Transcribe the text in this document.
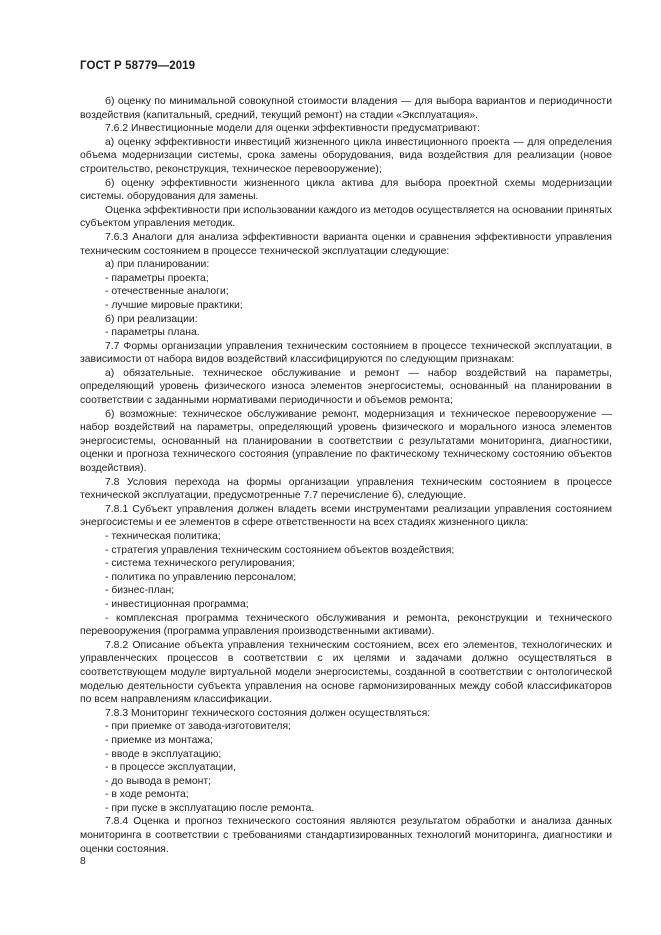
ГОСТ Р 58779—2019

б) оценку по минимальной совокупной стоимости владения — для выбора вариантов и периодичности воздействия (капитальный, средний, текущий ремонт) на стадии «Эксплуатация».

7.6.2 Инвестиционные модели для оценки эффективности предусматривают:

а) оценку эффективности инвестиций жизненного цикла инвестиционного проекта — для определения объема модернизации системы, срока замены оборудования, вида воздействия для реализации (новое строительство, реконструкция, техническое перевооружение);

б) оценку эффективности жизненного цикла актива для выбора проектной схемы модернизации системы. оборудования для замены.

Оценка эффективности при использовании каждого из методов осуществляется на основании принятых субъектом управления методик.

7.6.3 Аналоги для анализа эффективности варианта оценки и сравнения эффективности управления техническим состоянием в процессе технической эксплуатации следующие:

а) при планировании:

- параметры проекта;

- отечественные аналоги;

- лучшие мировые практики;

б) при реализации:

- параметры плана.

7.7 Формы организации управления техническим состоянием в процессе технической эксплуатации, в зависимости от набора видов воздействий классифицируются по следующим признакам:

а) обязательные. техническое обслуживание и ремонт — набор воздействий на параметры, определяющий уровень физического износа элементов энергосистемы, основанный на планировании в соответствии с заданными нормативами периодичности и объемов ремонта;

б) возможные: техническое обслуживание ремонт, модернизация и техническое перевооружение — набор воздействий на параметры, определяющий уровень физического и морального износа элементов энергосистемы, основанный на планировании в соответствии с результатами мониторинга, диагностики, оценки и прогноза технического состояния (управление по фактическому техническому состоянию объектов воздействия).

7.8 Условия перехода на формы организации управления техническим состоянием в процессе технической эксплуатации, предусмотренные 7.7 перечисление б), следующие.

7.8.1 Субъект управления должен владеть всеми инструментами реализации управления состоянием энергосистемы и ее элементов в сфере ответственности на всех стадиях жизненного цикла:

- техническая политика;

- стратегия управления техническим состоянием объектов воздействия;

- система технического регулирования;

- политика по управлению персоналом;

- бизнес-план;

- инвестиционная программа;

- комплексная программа технического обслуживания и ремонта, реконструкции и технического перевооружения (программа управления производственными активами).

7.8.2 Описание объекта управления техническим состоянием, всех его элементов, технологических и управленческих процессов в соответствии с их целями и задачами должно осуществляться в соответствующем модуле виртуальной модели энергосистемы, созданной в соответствии с онтологической моделью деятельности субъекта управления на основе гармонизированных между собой классификаторов по всем направлениям классификации.

7.8.3 Мониторинг технического состояния должен осуществляться:

- при приемке от завода-изготовителя;

- приемке из монтажа;

- вводе в эксплуатацию;

- в процессе эксплуатации,

- до вывода в ремонт;

- в ходе ремонта;

- при пуске в эксплуатацию после ремонта.

7.8.4 Оценка и прогноз технического состояния являются результатом обработки и анализа данных мониторинга в соответствии с требованиями стандартизированных технологий мониторинга, диагностики и оценки состояния.

8
